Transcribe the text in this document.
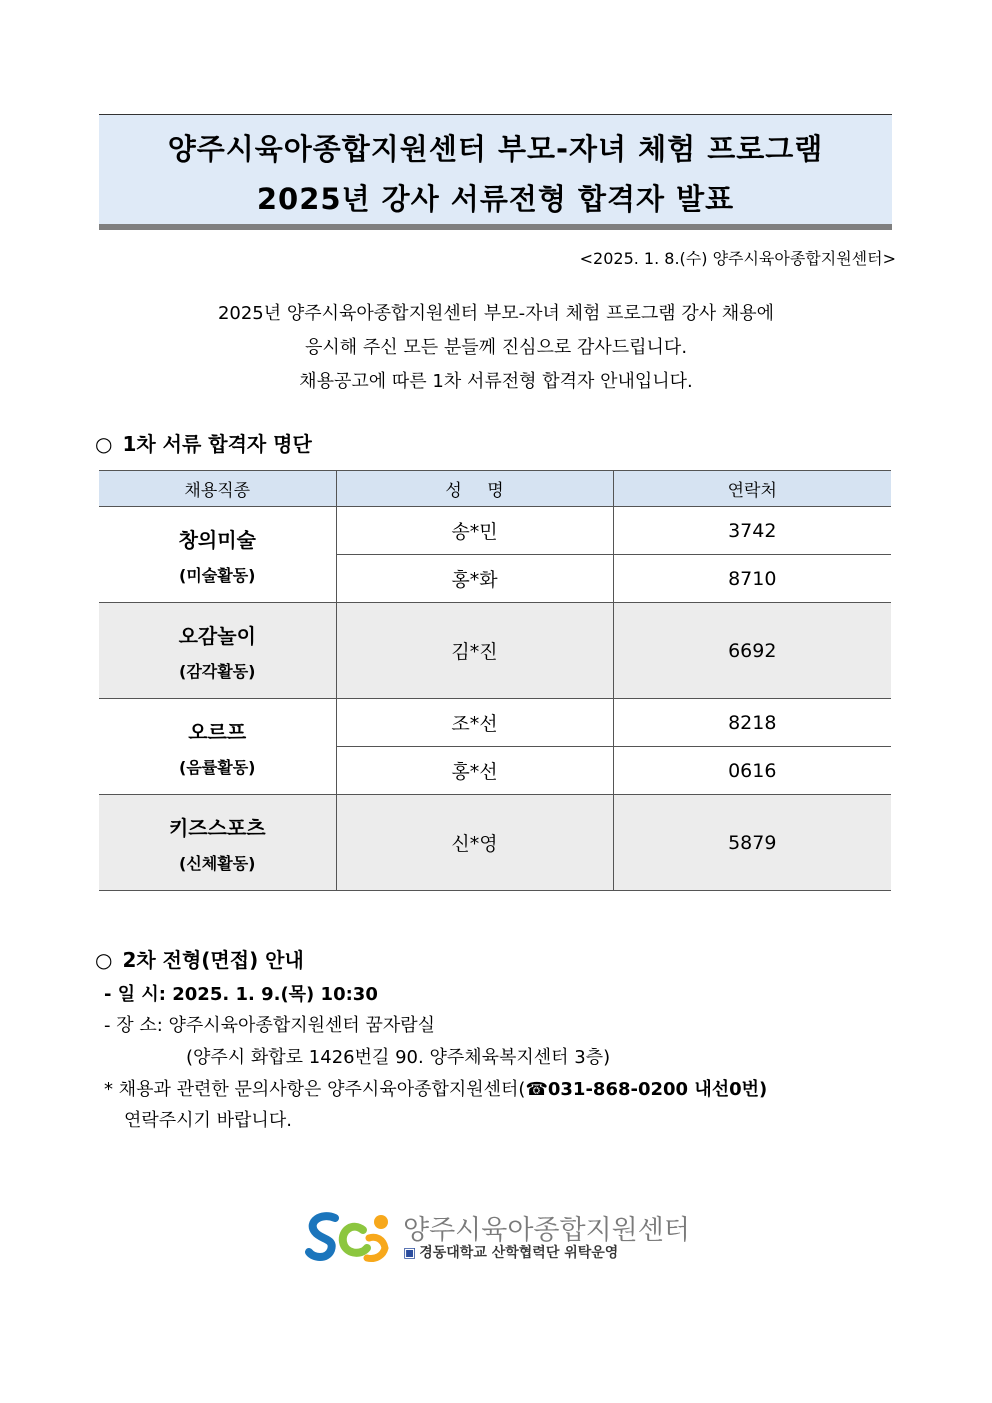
양주시육아종합지원센터 부모-자녀 체험 프로그램
2025년 강사 서류전형 합격자 발표
<2025. 1. 8.(수) 양주시육아종합지원센터>
2025년 양주시육아종합지원센터 부모-자녀 체험 프로그램 강사 채용에
응시해 주신 모든 분들께 진심으로 감사드립니다.
채용공고에 따른 1차 서류전형 합격자 안내입니다.
○ 1차 서류 합격자 명단
채용직종	성 명	연락처

창의미술
(미술활동)	송*민	3742
	홍*화	8710

오감놀이
(감각활동)	김*진	6692

오르프
(음률활동)	조*선	8218
	홍*선	0616

키즈스포츠
(신체활동)	신*영	5879
○ 2차 전형(면접) 안내
- 일 시: 2025. 1. 9.(목) 10:30
- 장 소: 양주시육아종합지원센터 꿈자람실
(양주시 화합로 1426번길 90. 양주체육복지센터 3층)
* 채용과 관련한 문의사항은 양주시육아종합지원센터(☎031-868-0200 내선0번)
연락주시기 바랍니다.
양주시육아종합지원센터
▣ 경동대학교 산학협력단 위탁운영
